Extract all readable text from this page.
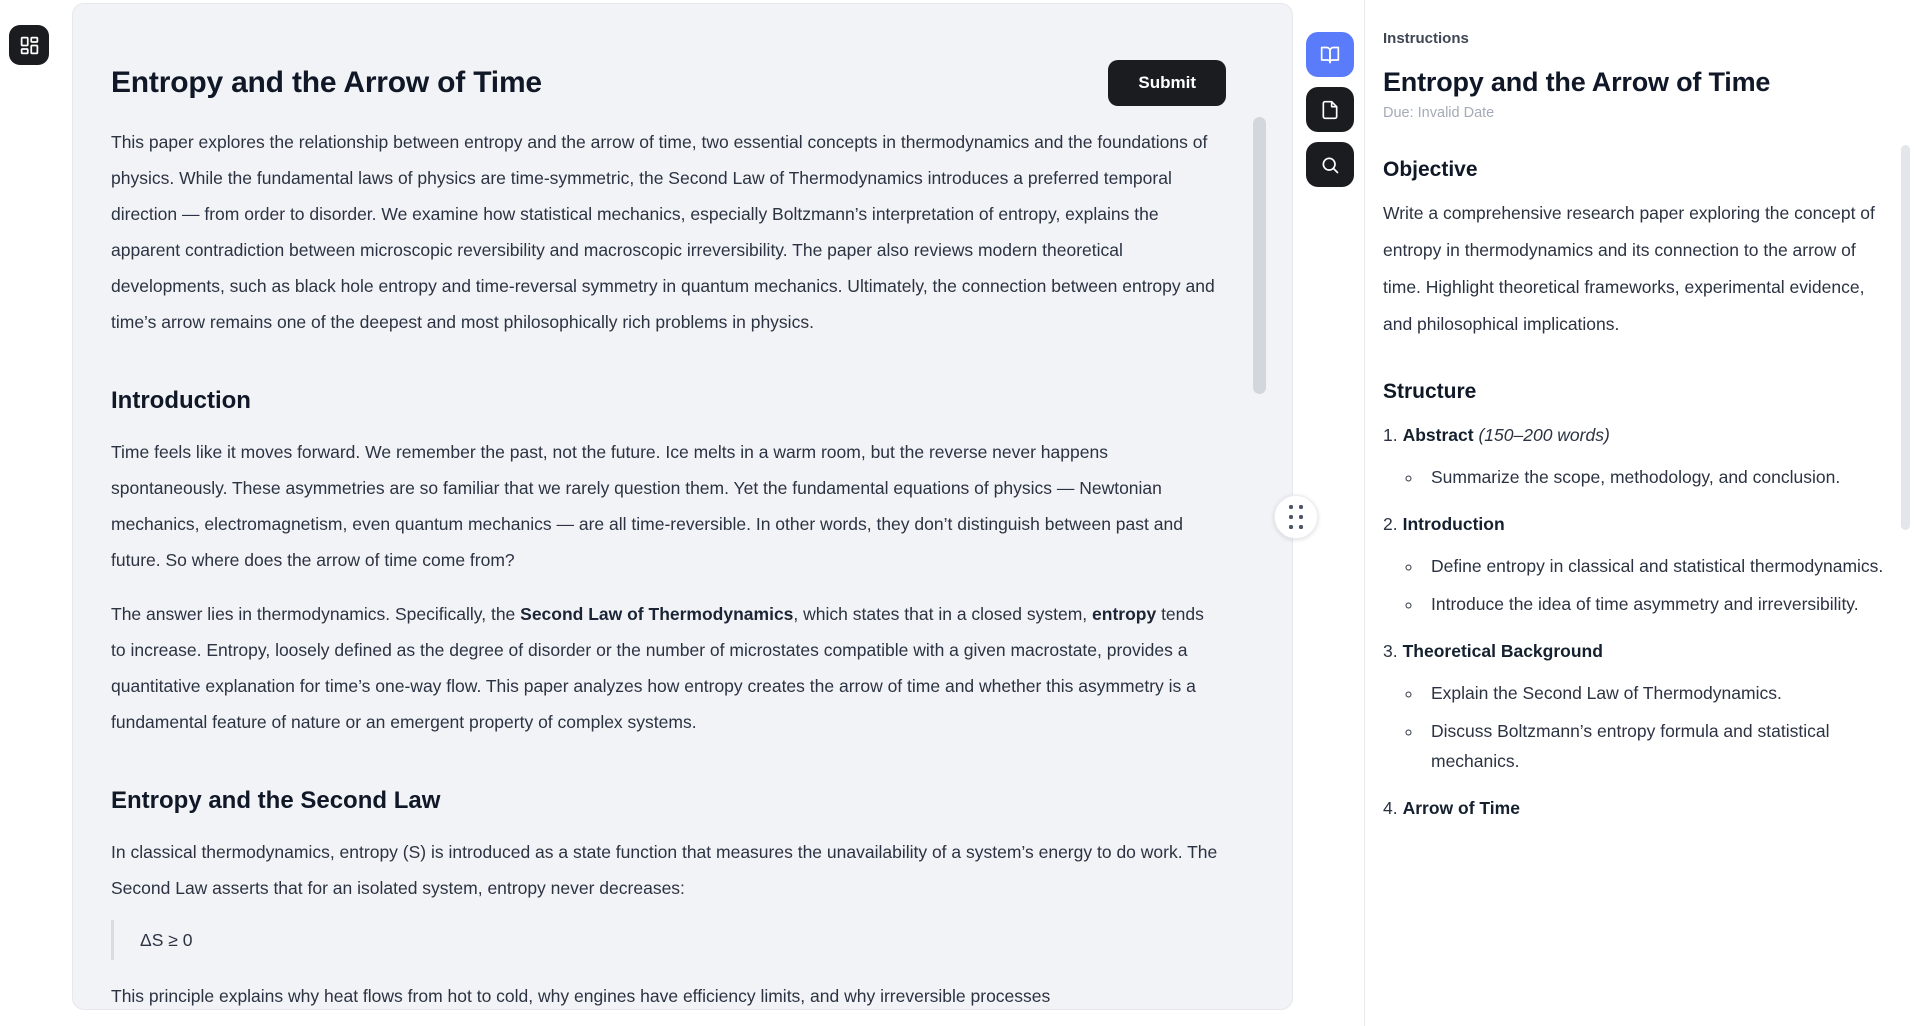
Entropy and the Arrow of Time	Submit

This paper explores the relationship between entropy and the arrow of time, two essential concepts in thermodynamics and the foundations of physics. While the fundamental laws of physics are time-symmetric, the Second Law of Thermodynamics introduces a preferred temporal direction — from order to disorder. We examine how statistical mechanics, especially Boltzmann’s interpretation of entropy, explains the apparent contradiction between microscopic reversibility and macroscopic irreversibility. The paper also reviews modern theoretical developments, such as black hole entropy and time-reversal symmetry in quantum mechanics. Ultimately, the connection between entropy and time’s arrow remains one of the deepest and most philosophically rich problems in physics.

Introduction

Time feels like it moves forward. We remember the past, not the future. Ice melts in a warm room, but the reverse never happens spontaneously. These asymmetries are so familiar that we rarely question them. Yet the fundamental equations of physics — Newtonian mechanics, electromagnetism, even quantum mechanics — are all time-reversible. In other words, they don’t distinguish between past and future. So where does the arrow of time come from?

The answer lies in thermodynamics. Specifically, the Second Law of Thermodynamics, which states that in a closed system, entropy tends to increase. Entropy, loosely defined as the degree of disorder or the number of microstates compatible with a given macrostate, provides a quantitative explanation for time’s one-way flow. This paper analyzes how entropy creates the arrow of time and whether this asymmetry is a fundamental feature of nature or an emergent property of complex systems.

Entropy and the Second Law

In classical thermodynamics, entropy (S) is introduced as a state function that measures the unavailability of a system’s energy to do work. The Second Law asserts that for an isolated system, entropy never decreases:

ΔS ≥ 0

This principle explains why heat flows from hot to cold, why engines have efficiency limits, and why irreversible processes

Instructions

Entropy and the Arrow of Time

Due: Invalid Date

Objective

Write a comprehensive research paper exploring the concept of entropy in thermodynamics and its connection to the arrow of time. Highlight theoretical frameworks, experimental evidence, and philosophical implications.

Structure
1. Abstract (150–200 words)
◦ Summarize the scope, methodology, and conclusion.
2. Introduction
◦ Define entropy in classical and statistical thermodynamics.
◦ Introduce the idea of time asymmetry and irreversibility.
3. Theoretical Background
◦ Explain the Second Law of Thermodynamics.
◦ Discuss Boltzmann’s entropy formula and statistical mechanics.
4. Arrow of Time
